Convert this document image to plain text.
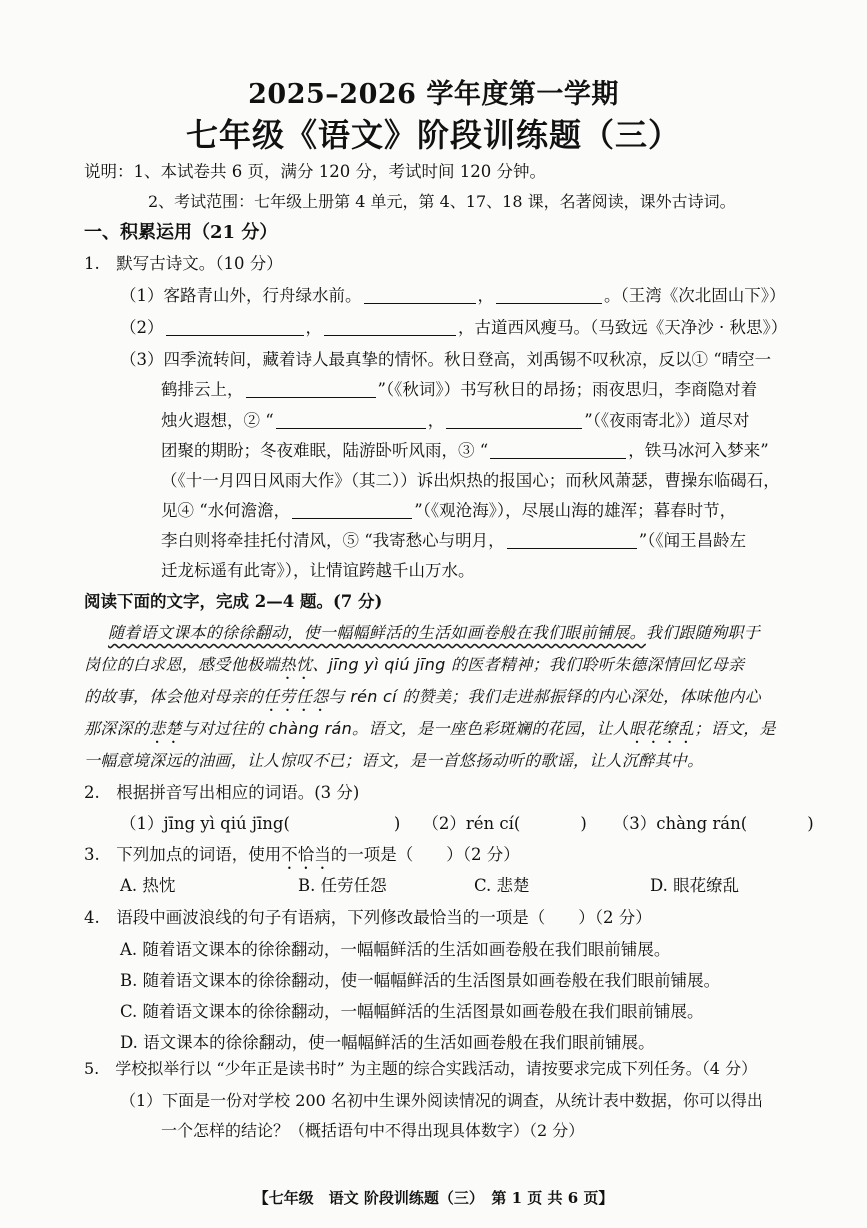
2025–2026 学年度第一学期
七年级《语文》阶段训练题（三）
说明：1、本试卷共 6 页，满分 120 分，考试时间 120 分钟。
2、考试范围：七年级上册第 4 单元，第 4、17、18 课，名著阅读，课外古诗词。
一、积累运用（21 分）
1.　默写古诗文。（10 分）
（1）客路青山外，行舟绿水前。	，	。（王湾《次北固山下》）
（2）	，	，古道西风瘦马。（马致远《天净沙 · 秋思》）
（3）四季流转间，藏着诗人最真挚的情怀。秋日登高，刘禹锡不叹秋凉，反以① “晴空一
鹤排云上，	”（《秋词》）书写秋日的昂扬；雨夜思归，李商隐对着
烛火遐想，② “	，	”（《夜雨寄北》）道尽对
团聚的期盼；冬夜难眠，陆游卧听风雨，③ “	，铁马冰河入梦来”
（《十一月四日风雨大作》（其二））诉出炽热的报国心；而秋风萧瑟，曹操东临碣石，
见④ “水何澹澹，	”（《观沧海》），尽展山海的雄浑；暮春时节，
李白则将牵挂托付清风，⑤ “我寄愁心与明月，	”（《闻王昌龄左
迁龙标遥有此寄》），让情谊跨越千山万水。
阅读下面的文字，完成 2—4 题。(7 分)
随着语文课本的徐徐翻动，使一幅幅鲜活的生活如画卷般在我们眼前铺展。我们跟随殉职于
岗位的白求恩，感受他极端热忱、jīng yì qiú jīng 的医者精神；我们聆听朱德深情回忆母亲
的故事，体会他对母亲的任劳任怨与 rén cí 的赞美；我们走进郝振铎的内心深处，体味他内心
那深深的悲楚与对过往的 chàng rán。语文，是一座色彩斑斓的花园，让人眼花缭乱；语文，是
一幅意境深远的油画，让人惊叹不已；语文，是一首悠扬动听的歌谣，让人沉醉其中。
2.　根据拼音写出相应的词语。(3 分)
（1）jīng yì qiú jīng(	) （2）rén cí(	) （3）chàng rán(	)
3.　下列加点的词语，使用不恰当的一项是（　　）（2 分）
A. 热忱	B. 任劳任怨	C. 悲楚	D. 眼花缭乱
4.　语段中画波浪线的句子有语病，下列修改最恰当的一项是（　　）（2 分）
A. 随着语文课本的徐徐翻动，一幅幅鲜活的生活如画卷般在我们眼前铺展。
B. 随着语文课本的徐徐翻动，使一幅幅鲜活的生活图景如画卷般在我们眼前铺展。
C. 随着语文课本的徐徐翻动，一幅幅鲜活的生活图景如画卷般在我们眼前铺展。
D. 语文课本的徐徐翻动，使一幅幅鲜活的生活如画卷般在我们眼前铺展。
5.　学校拟举行以 “少年正是读书时” 为主题的综合实践活动，请按要求完成下列任务。（4 分）
（1）下面是一份对学校 200 名初中生课外阅读情况的调查，从统计表中数据，你可以得出
一个怎样的结论？（概括语句中不得出现具体数字）（2 分）
【七年级　语文 阶段训练题（三）　第 1 页 共 6 页】
